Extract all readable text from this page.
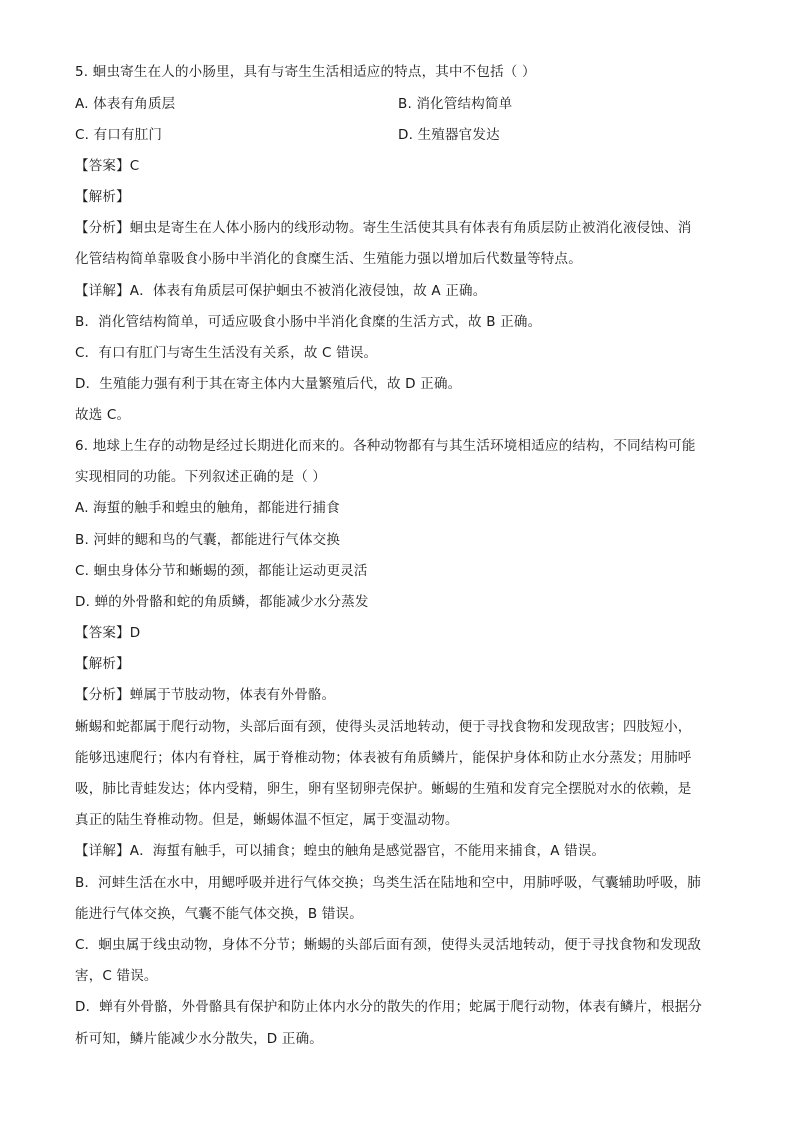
5. 蛔虫寄生在人的小肠里，具有与寄生生活相适应的特点，其中不包括（ ）
A. 体表有角质层	B. 消化管结构简单
C. 有口有肛门	D. 生殖器官发达
【答案】C
【解析】
【分析】蛔虫是寄生在人体小肠内的线形动物。寄生生活使其具有体表有角质层防止被消化液侵蚀、消
化管结构简单靠吸食小肠中半消化的食糜生活、生殖能力强以增加后代数量等特点。
【详解】A．体表有角质层可保护蛔虫不被消化液侵蚀，故 A 正确。
B．消化管结构简单，可适应吸食小肠中半消化食糜的生活方式，故 B 正确。
C．有口有肛门与寄生生活没有关系，故 C 错误。
D．生殖能力强有利于其在寄主体内大量繁殖后代，故 D 正确。
故选 C。
6. 地球上生存的动物是经过长期进化而来的。各种动物都有与其生活环境相适应的结构，不同结构可能
实现相同的功能。下列叙述正确的是（ ）
A. 海蜇的触手和蝗虫的触角，都能进行捕食
B. 河蚌的鳃和鸟的气囊，都能进行气体交换
C. 蛔虫身体分节和蜥蜴的颈，都能让运动更灵活
D. 蝉的外骨骼和蛇的角质鳞，都能减少水分蒸发
【答案】D
【解析】
【分析】蝉属于节肢动物，体表有外骨骼。
蜥蜴和蛇都属于爬行动物，头部后面有颈，使得头灵活地转动，便于寻找食物和发现敌害；四肢短小，
能够迅速爬行；体内有脊柱，属于脊椎动物；体表被有角质鳞片，能保护身体和防止水分蒸发；用肺呼
吸，肺比青蛙发达；体内受精，卵生，卵有坚韧卵壳保护。蜥蜴的生殖和发育完全摆脱对水的依赖，是
真正的陆生脊椎动物。但是，蜥蜴体温不恒定，属于变温动物。
【详解】A．海蜇有触手，可以捕食；蝗虫的触角是感觉器官，不能用来捕食，A 错误。
B．河蚌生活在水中，用鳃呼吸并进行气体交换；鸟类生活在陆地和空中，用肺呼吸，气囊辅助呼吸，肺
能进行气体交换，气囊不能气体交换，B 错误。
C．蛔虫属于线虫动物，身体不分节；蜥蜴的头部后面有颈，使得头灵活地转动，便于寻找食物和发现敌
害，C 错误。
D．蝉有外骨骼，外骨骼具有保护和防止体内水分的散失的作用；蛇属于爬行动物，体表有鳞片，根据分
析可知，鳞片能减少水分散失，D 正确。
